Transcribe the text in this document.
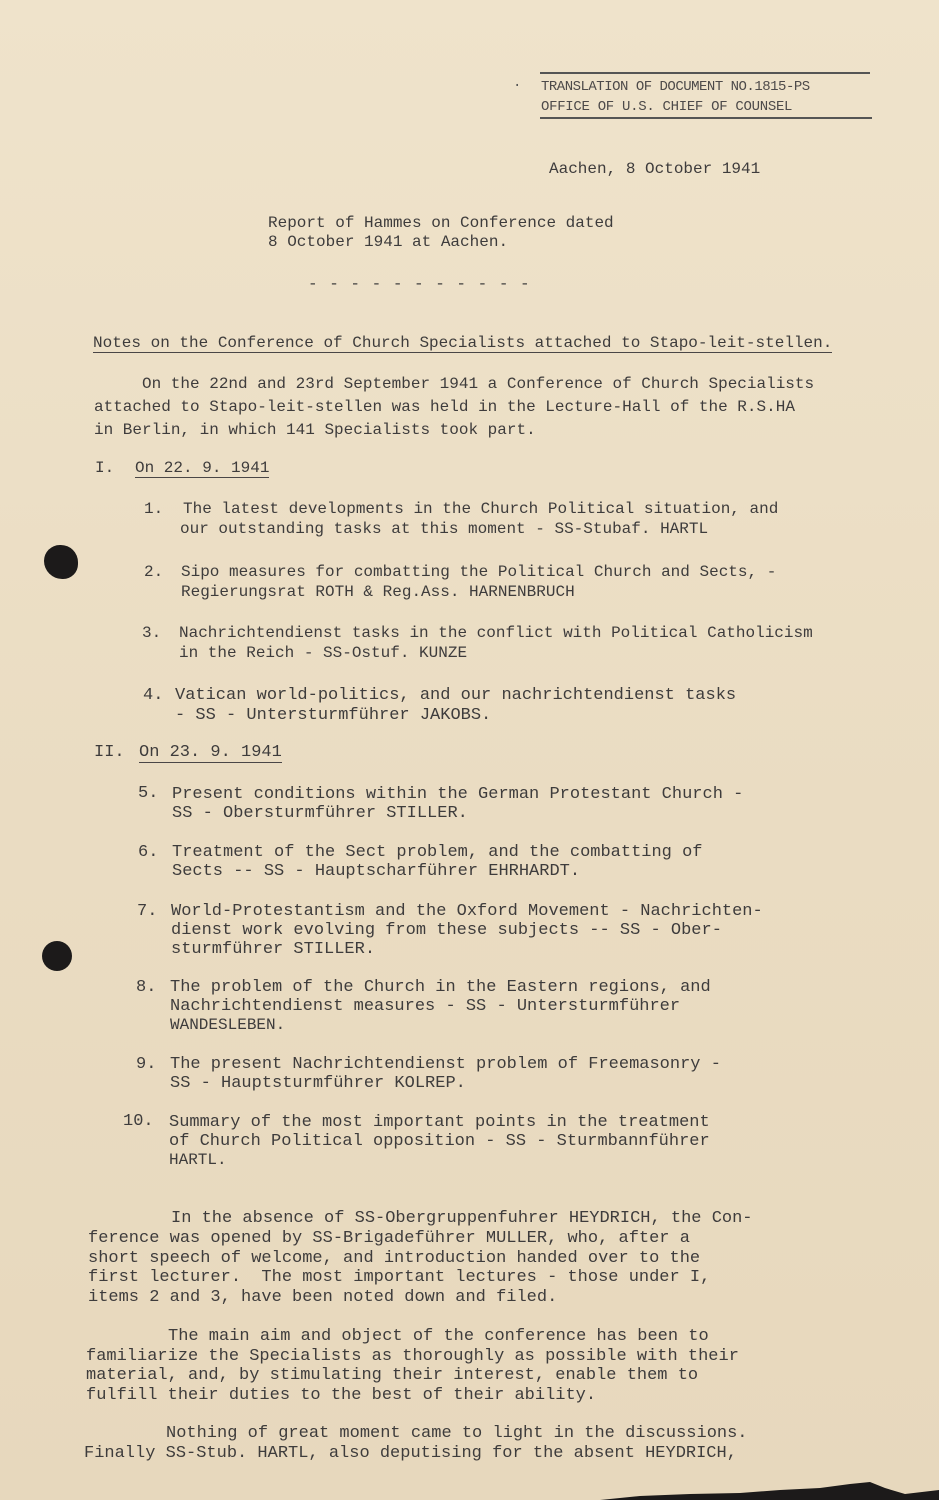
· TRANSLATION OF DOCUMENT NO.1815-PS
OFFICE OF U.S. CHIEF OF COUNSEL
Aachen, 8 October 1941
Report of Hammes on Conference dated
8 October 1941 at Aachen.
- - - - - - - - - - -
Notes on the Conference of Church Specialists attached to Stapo-leit-stellen.
On the 22nd and 23rd September 1941 a Conference of Church Specialists
attached to Stapo-leit-stellen was held in the Lecture-Hall of the R.S.HA
in Berlin, in which 141 Specialists took part.
I. On 22. 9. 1941
1. The latest developments in the Church Political situation, and
our outstanding tasks at this moment - SS-Stubaf. HARTL
2. Sipo measures for combatting the Political Church and Sects, -
Regierungsrat ROTH & Reg.Ass. HARNENBRUCH
3. Nachrichtendienst tasks in the conflict with Political Catholicism
in the Reich - SS-Ostuf. KUNZE
4. Vatican world-politics, and our nachrichtendienst tasks
- SS - Untersturmführer JAKOBS.
II. On 23. 9. 1941
5. Present conditions within the German Protestant Church -
SS - Obersturmführer STILLER.
6. Treatment of the Sect problem, and the combatting of
Sects -- SS - Hauptscharführer EHRHARDT.
7. World-Protestantism and the Oxford Movement - Nachrichten-
dienst work evolving from these subjects -- SS - Ober-
sturmführer STILLER.
8. The problem of the Church in the Eastern regions, and
Nachrichtendienst measures - SS - Untersturmführer
WANDESLEBEN.
9. The present Nachrichtendienst problem of Freemasonry -
SS - Hauptsturmführer KOLREP.
10. Summary of the most important points in the treatment
of Church Political opposition - SS - Sturmbannführer
HARTL.
In the absence of SS-Obergruppenfuhrer HEYDRICH, the Con-
ference was opened by SS-Brigadeführer MULLER, who, after a
short speech of welcome, and introduction handed over to the
first lecturer.  The most important lectures - those under I,
items 2 and 3, have been noted down and filed.
The main aim and object of the conference has been to
familiarize the Specialists as thoroughly as possible with their
material, and, by stimulating their interest, enable them to
fulfill their duties to the best of their ability.
Nothing of great moment came to light in the discussions.
Finally SS-Stub. HARTL, also deputising for the absent HEYDRICH,
